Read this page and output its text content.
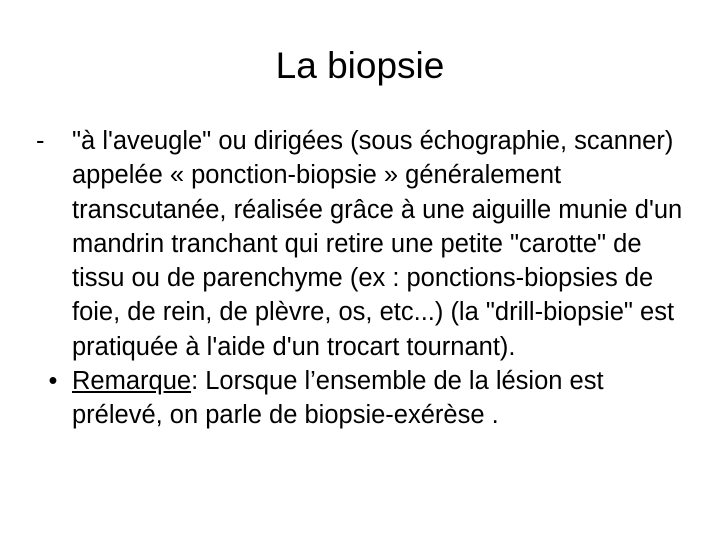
La biopsie

-	"à l'aveugle" ou dirigées (sous échographie, scanner) appelée « ponction-biopsie » généralement transcutanée, réalisée grâce à une aiguille munie d'un mandrin tranchant qui retire une petite "carotte" de tissu ou de parenchyme (ex : ponctions-biopsies de foie, de rein, de plèvre, os, etc...) (la "drill-biopsie" est pratiquée à l'aide d'un trocart tournant).

• Remarque: Lorsque l’ensemble de la lésion est prélevé, on parle de biopsie-exérèse .
